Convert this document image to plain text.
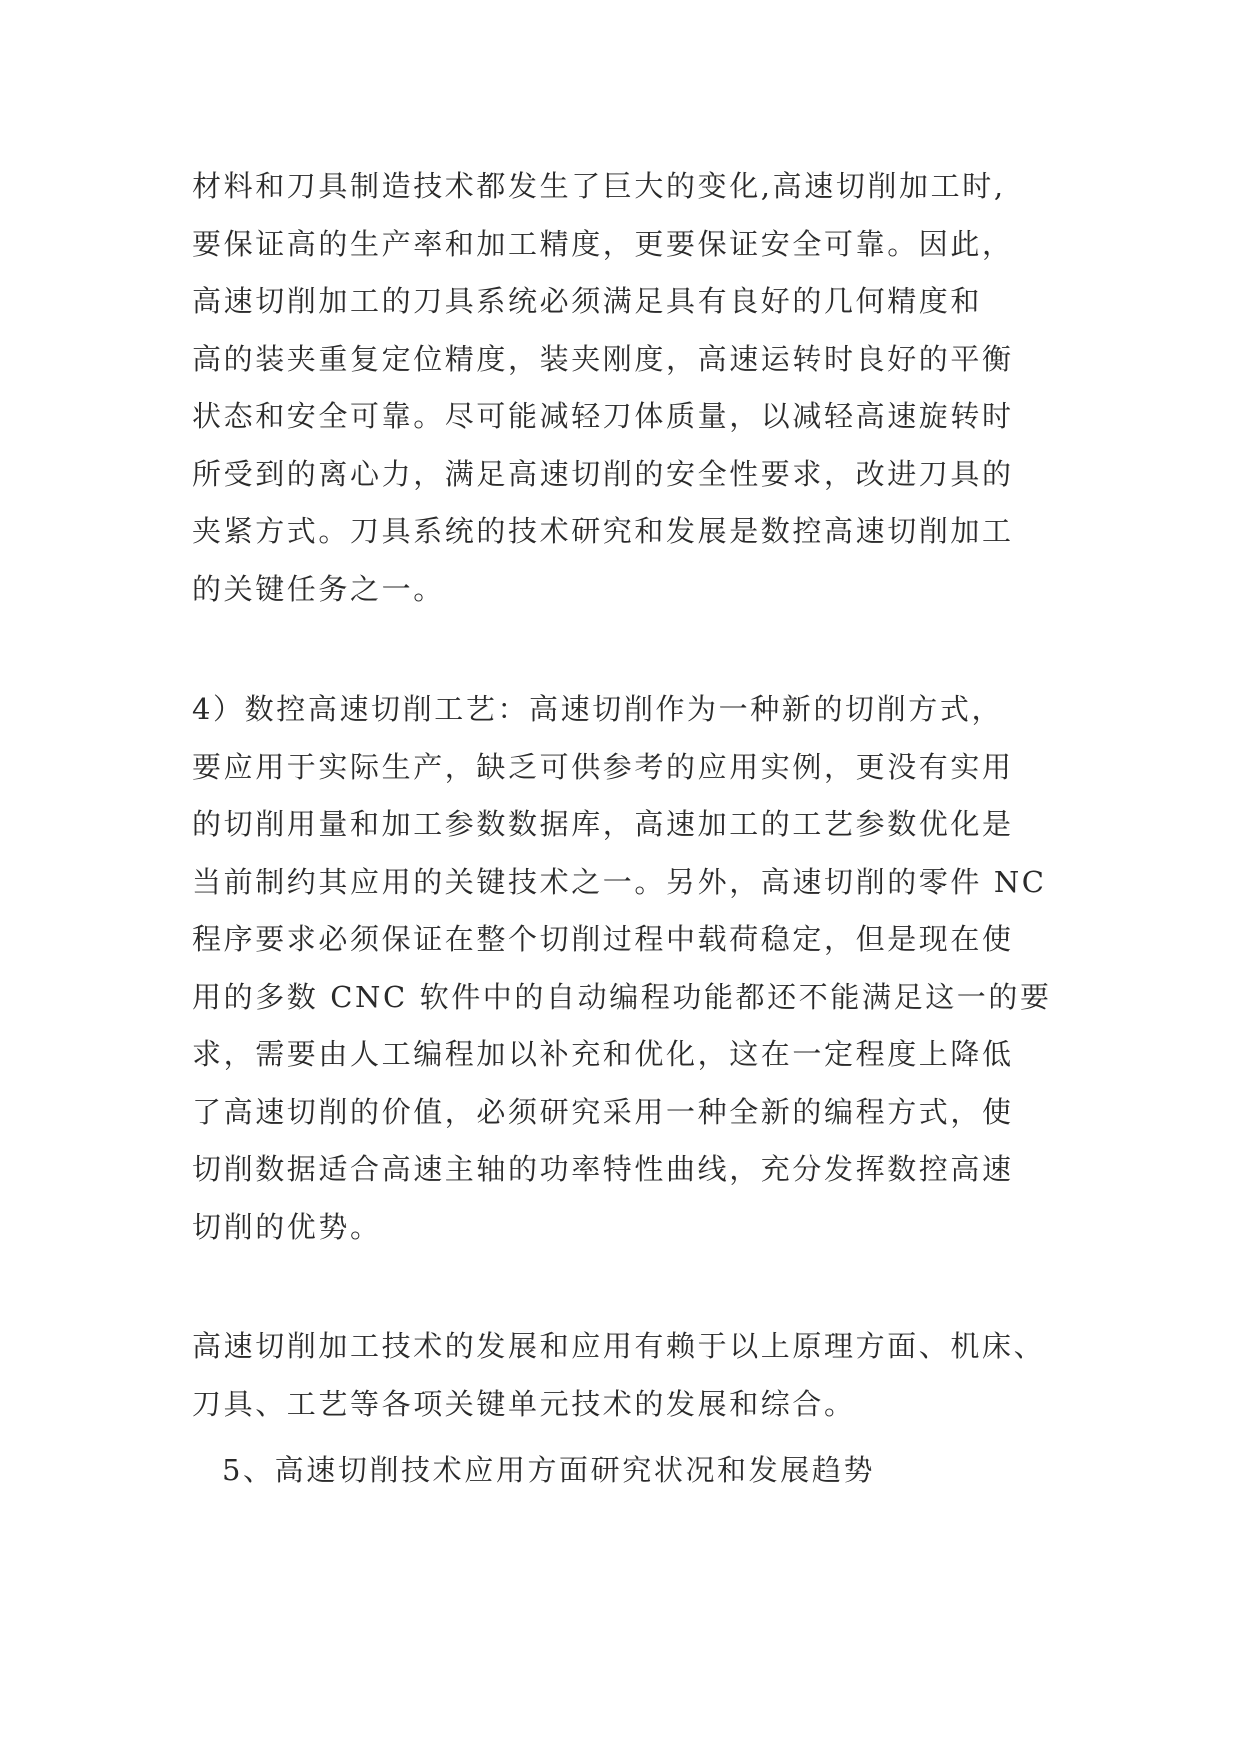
材料和刀具制造技术都发生了巨大的变化,高速切削加工时,
要保证高的生产率和加工精度，更要保证安全可靠。因此，
高速切削加工的刀具系统必须满足具有良好的几何精度和
高的装夹重复定位精度，装夹刚度，高速运转时良好的平衡
状态和安全可靠。尽可能减轻刀体质量，以减轻高速旋转时
所受到的离心力，满足高速切削的安全性要求，改进刀具的
夹紧方式。刀具系统的技术研究和发展是数控高速切削加工
的关键任务之一。
4）数控高速切削工艺：高速切削作为一种新的切削方式，
要应用于实际生产，缺乏可供参考的应用实例，更没有实用
的切削用量和加工参数数据库，高速加工的工艺参数优化是
当前制约其应用的关键技术之一。另外，高速切削的零件 NC
程序要求必须保证在整个切削过程中载荷稳定，但是现在使
用的多数 CNC 软件中的自动编程功能都还不能满足这一的要
求，需要由人工编程加以补充和优化，这在一定程度上降低
了高速切削的价值，必须研究采用一种全新的编程方式，使
切削数据适合高速主轴的功率特性曲线，充分发挥数控高速
切削的优势。
高速切削加工技术的发展和应用有赖于以上原理方面、机床、
刀具、工艺等各项关键单元技术的发展和综合。
5、高速切削技术应用方面研究状况和发展趋势
